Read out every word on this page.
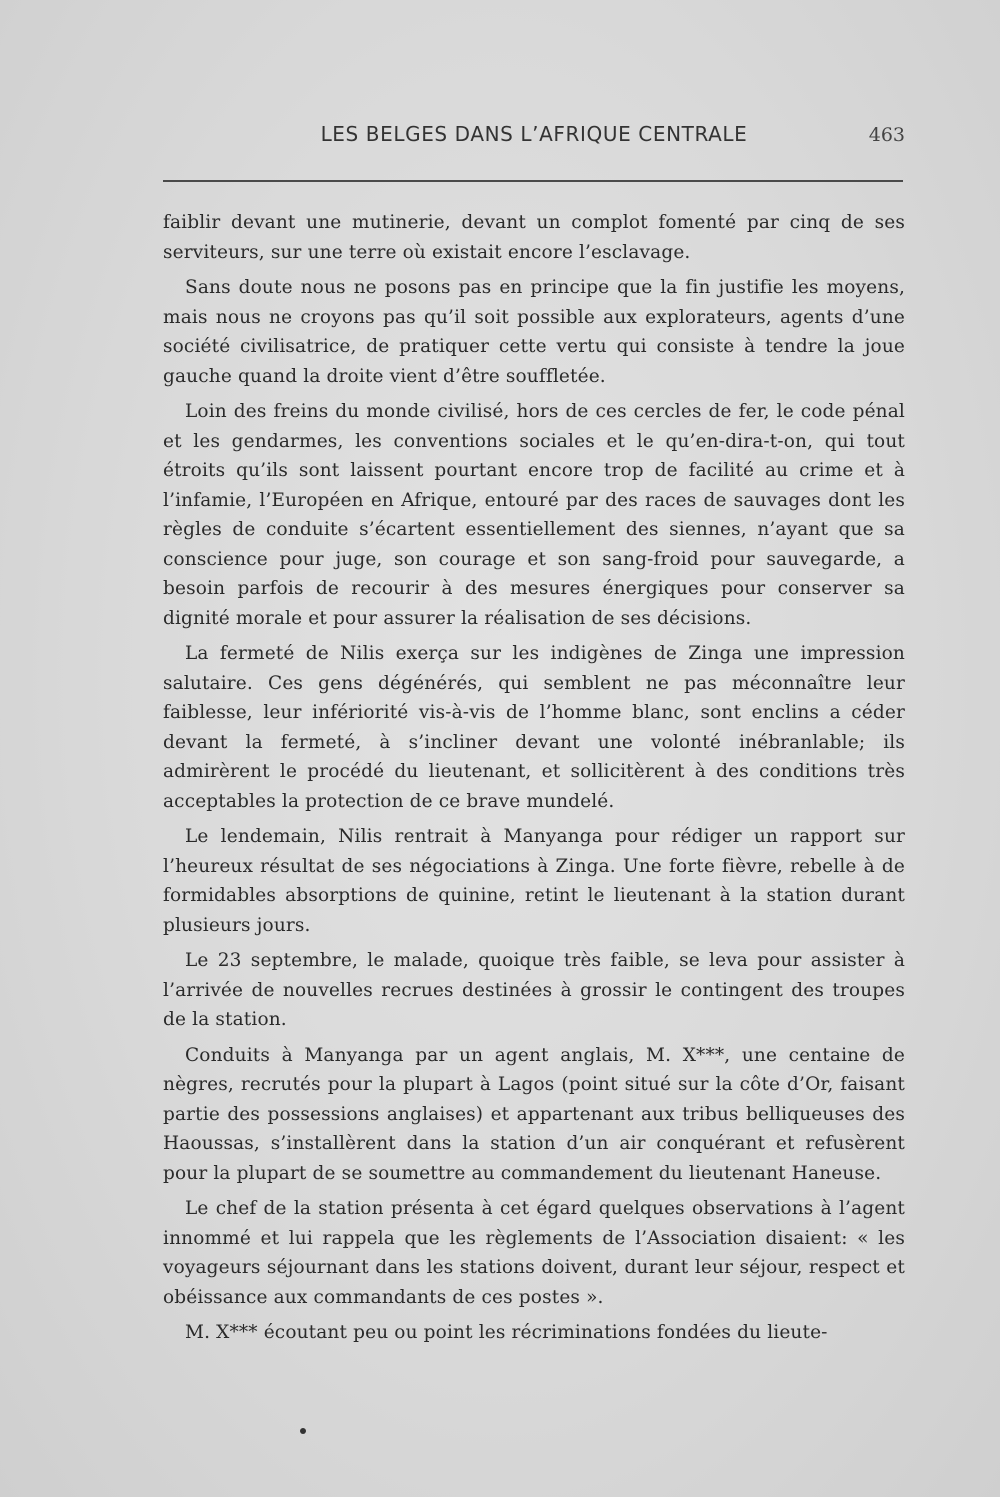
LES BELGES DANS L’AFRIQUE CENTRALE	463

faiblir devant une mutinerie, devant un complot fomenté par cinq de ses serviteurs, sur une terre où existait encore l’esclavage.

Sans doute nous ne posons pas en principe que la fin justifie les moyens, mais nous ne croyons pas qu’il soit possible aux explorateurs, agents d’une société civilisatrice, de pratiquer cette vertu qui consiste à tendre la joue gauche quand la droite vient d’être souffletée.

Loin des freins du monde civilisé, hors de ces cercles de fer, le code pénal et les gendarmes, les conventions sociales et le qu’en-dira-t-on, qui tout étroits qu’ils sont laissent pourtant encore trop de facilité au crime et à l’infamie, l’Européen en Afrique, entouré par des races de sauvages dont les règles de conduite s’écartent essentiellement des siennes, n’ayant que sa conscience pour juge, son courage et son sang-froid pour sauvegarde, a besoin parfois de recourir à des mesures énergiques pour conserver sa dignité morale et pour assurer la réalisation de ses décisions.

La fermeté de Nilis exerça sur les indigènes de Zinga une impression salutaire. Ces gens dégénérés, qui semblent ne pas méconnaître leur faiblesse, leur infériorité vis-à-vis de l’homme blanc, sont enclins a céder devant la fermeté, à s’incliner devant une volonté inébranlable; ils admirèrent le procédé du lieutenant, et sollicitèrent à des conditions très acceptables la protection de ce brave mundelé.

Le lendemain, Nilis rentrait à Manyanga pour rédiger un rapport sur l’heureux résultat de ses négociations à Zinga. Une forte fièvre, rebelle à de formidables absorptions de quinine, retint le lieutenant à la station durant plusieurs jours.

Le 23 septembre, le malade, quoique très faible, se leva pour assister à l’arrivée de nouvelles recrues destinées à grossir le contingent des troupes de la station.

Conduits à Manyanga par un agent anglais, M. X***, une centaine de nègres, recrutés pour la plupart à Lagos (point situé sur la côte d’Or, faisant partie des possessions anglaises) et appartenant aux tribus belliqueuses des Haoussas, s’installèrent dans la station d’un air conquérant et refusèrent pour la plupart de se soumettre au commandement du lieutenant Haneuse.

Le chef de la station présenta à cet égard quelques observations à l’agent innommé et lui rappela que les règlements de l’Association disaient: « les voyageurs séjournant dans les stations doivent, durant leur séjour, respect et obéissance aux commandants de ces postes ».

M. X*** écoutant peu ou point les récriminations fondées du lieute-
